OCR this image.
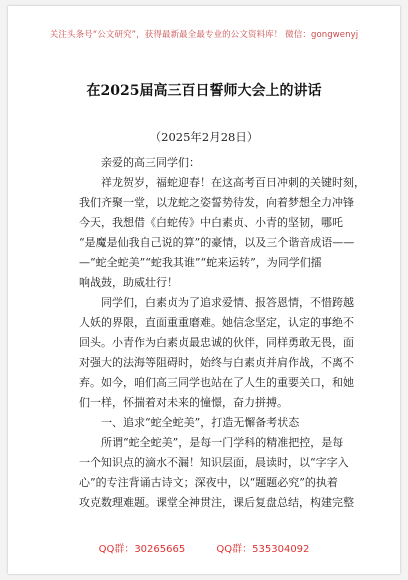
关注头条号“公文研究”，获得最新最全最专业的公文资料库！ 微信：gongwenyj
在2025届高三百日誓师大会上的讲话
（2025年2月28日）

亲爱的高三同学们：

祥龙贺岁，福蛇迎春！在这高考百日冲刺的关键时刻，
我们齐聚一堂，以龙蛇之姿誓势待发，向着梦想全力冲锋
今天，我想借《白蛇传》中白素贞、小青的坚韧，哪吒
“是魔是仙我自己说的算”的豪情，以及三个谐音成语——
—“蛇全蛇美”“蛇我其谁”“蛇来运转”，为同学们擂
响战鼓，助威壮行！

同学们，白素贞为了追求爱情、报答恩情，不惜跨越
人妖的界限，直面重重磨难。她信念坚定，认定的事绝不
回头。小青作为白素贞最忠诚的伙伴，同样勇敢无畏，面
对强大的法海等阻碍时，始终与白素贞并肩作战，不离不
弃。如今，咱们高三同学也站在了人生的重要关口，和她
们一样，怀揣着对未来的憧憬，奋力拼搏。

一、追求“蛇全蛇美”，打造无懈备考状态

所谓“蛇全蛇美”，是每一门学科的精准把控，是每
一个知识点的滴水不漏！知识层面，晨读时，以“字字入
心”的专注背诵古诗文；深夜中，以“题题必究”的执着
攻克数理难题。课堂全神贯注，课后复盘总结，构建完整

QQ群：30265665	QQ群：535304092
